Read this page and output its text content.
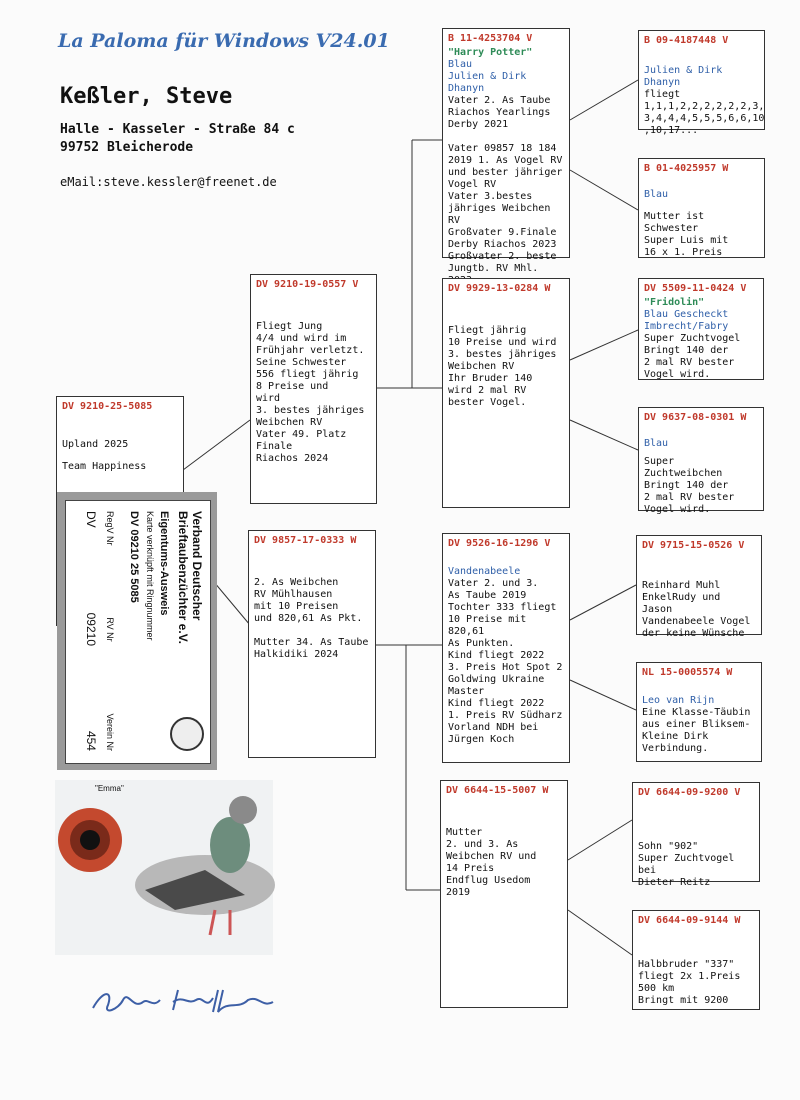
La Paloma für Windows V24.01
Keßler, Steve
Halle - Kasseler - Straße 84 c
99752 Bleicherode
eMail:steve.kessler@freenet.de
DV 9210-25-5085
Upland 2025
Team Happiness
DV 9210-19-0557 V
Fliegt Jung
4/4 und wird im
Frühjahr verletzt.
Seine Schwester
556 fliegt jährig
8 Preise und
wird
3. bestes jähriges
Weibchen RV
Vater 49. Platz
Finale
Riachos 2024
DV 9857-17-0333 W
2. As Weibchen
RV Mühlhausen
mit 10 Preisen
und 820,61 As Pkt.

Mutter 34. As Taube
Halkidiki 2024
B 11-4253704 V
"Harry Potter"
Blau
Julien & Dirk Dhanyn
Vater 2. As Taube
Riachos Yearlings
Derby 2021

Vater 09857 18 184
2019 1. As Vogel RV
und bester jähriger
Vogel RV
Vater 3.bestes
jähriges Weibchen
RV
Großvater 9.Finale
Derby Riachos 2023
Großvater 2. beste
Jungtb. RV Mhl.
DV 9929-13-0284 W
Fliegt jährig
10 Preise und wird
3. bestes jähriges
Weibchen RV
Ihr Bruder 140
wird 2 mal RV
bester Vogel.
DV 9526-16-1296 V
Vandenabeele
Vater 2. und 3.
As Taube 2019
Tochter 333 fliegt
10 Preise mit 820,61
As Punkten.
Kind fliegt 2022
3. Preis Hot Spot 2
Goldwing Ukraine
Master
Kind fliegt 2022
1. Preis RV Südharz
Vorland NDH bei
Jürgen Koch
DV 6644-15-5007 W
Mutter
2. und 3. As
Weibchen RV und
14 Preis
Endflug Usedom
2019
B 09-4187448 V
Julien & Dirk Dhanyn
fliegt
1,1,1,2,2,2,2,2,2,3,
3,4,4,4,5,5,5,6,6,10
,10,17...
B 01-4025957 W
Blau
Mutter ist Schwester
Super Luis mit
16 x 1. Preis
DV 5509-11-0424 V
"Fridolin"
Blau Gescheckt
Imbrecht/Fabry
Super Zuchtvogel
Bringt 140 der
2 mal RV bester
Vogel wird.
DV 9637-08-0301 W
Blau
Super Zuchtweibchen
Bringt 140 der
2 mal RV bester
Vogel wird.
DV 9715-15-0526 V
Reinhard Muhl
EnkelRudy und Jason
Vandenabeele Vogel
der keine Wünsche
NL 15-0005574 W
Leo van Rijn
Eine Klasse-Täubin
aus einer Bliksem-
Kleine Dirk
Verbindung.
DV 6644-09-9200 V
Sohn "902"
Super Zuchtvogel bei
Dieter Reitz
DV 6644-09-9144 W
Halbbruder "337"
fliegt 2x 1.Preis
500 km
Bringt mit 9200
Verband Deutscher
Brieftaubenzüchter e.V.
Eigentums-Ausweis
Karte verknüpft mit Ringnummer
DV 09210 25 5085
RegV Nr
RV Nr
Verein Nr
DV
09210
454
"Emma"
